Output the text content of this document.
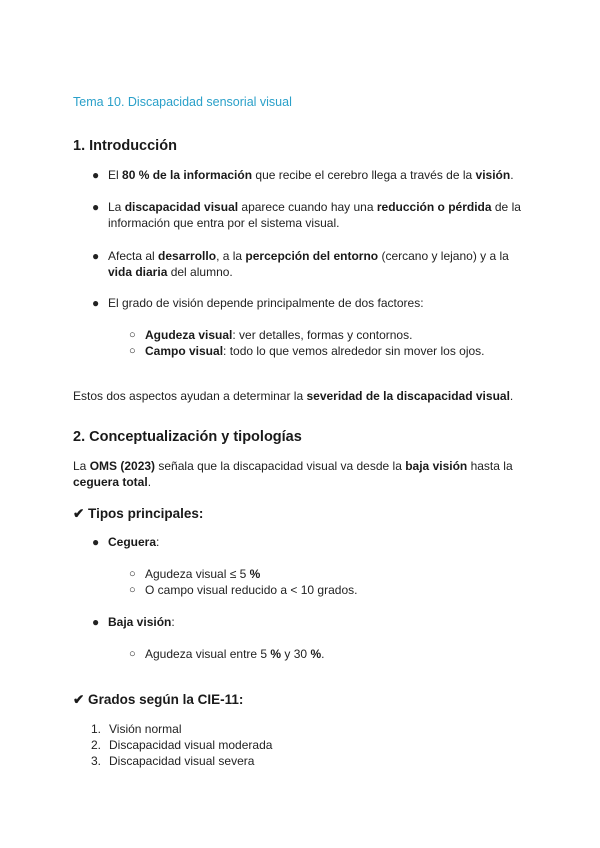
Tema 10. Discapacidad sensorial visual
1. Introducción
● El 80 % de la información que recibe el cerebro llega a través de la visión.
● La discapacidad visual aparece cuando hay una reducción o pérdida de la
información que entra por el sistema visual.
● Afecta al desarrollo, a la percepción del entorno (cercano y lejano) y a la
vida diaria del alumno.
● El grado de visión depende principalmente de dos factores:
○ Agudeza visual: ver detalles, formas y contornos.
○ Campo visual: todo lo que vemos alrededor sin mover los ojos.
Estos dos aspectos ayudan a determinar la severidad de la discapacidad visual.
2. Conceptualización y tipologías
La OMS (2023) señala que la discapacidad visual va desde la baja visión hasta la
ceguera total.
✔ Tipos principales:
● Ceguera:
○ Agudeza visual ≤ 5 %
○ O campo visual reducido a < 10 grados.
● Baja visión:
○ Agudeza visual entre 5 % y 30 %.
✔ Grados según la CIE-11:
1. Visión normal
2. Discapacidad visual moderada
3. Discapacidad visual severa
